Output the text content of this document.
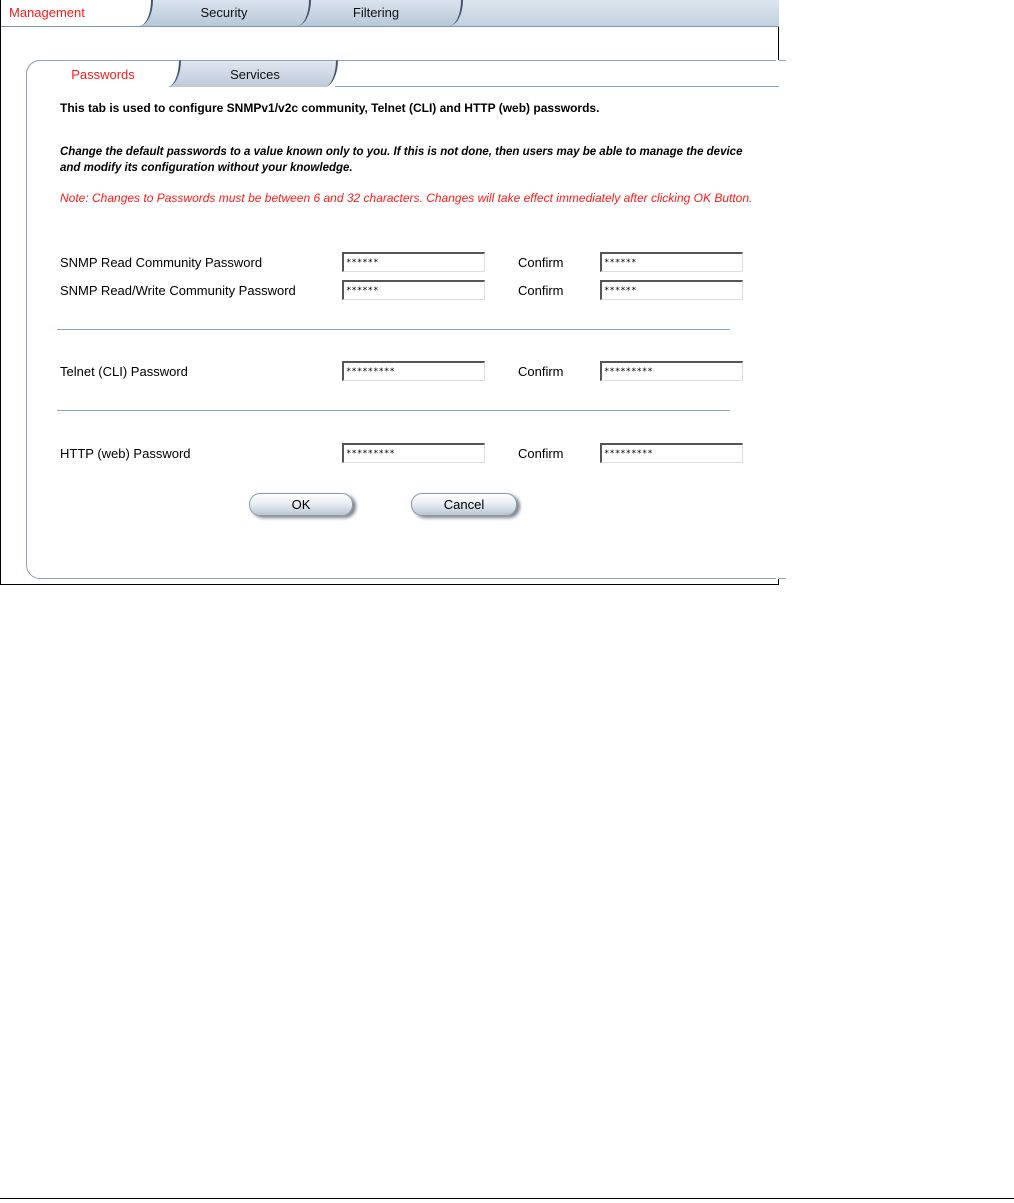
Filtering
Security
Management
Services
Passwords
This tab is used to configure SNMPv1/v2c community, Telnet (CLI) and HTTP (web) passwords.
Change the default passwords to a value known only to you. If this is not done, then users may be able to manage the device and modify its configuration without your knowledge.
Note: Changes to Passwords must be between 6 and 32 characters. Changes will take effect immediately after clicking OK Button.
SNMP Read Community Password	******	Confirm	******
SNMP Read/Write Community Password	******	Confirm	******
Telnet (CLI) Password	*********	Confirm	*********
HTTP (web) Password	*********	Confirm	*********
OK	Cancel
